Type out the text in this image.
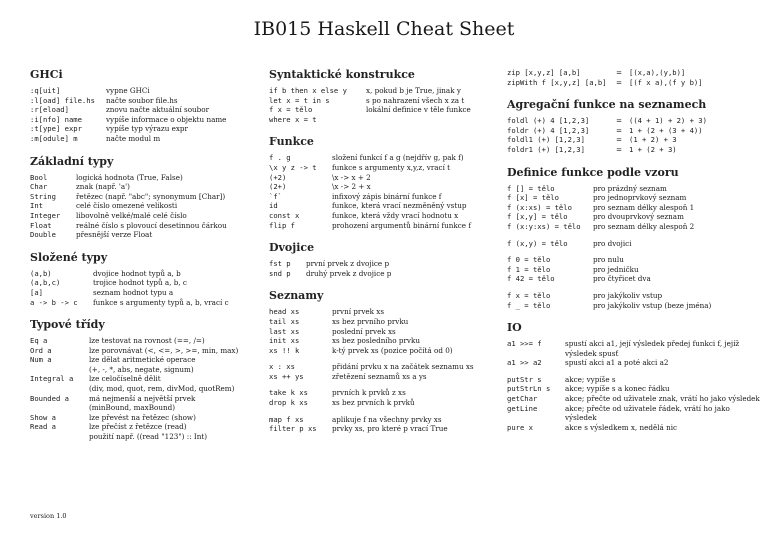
IB015 Haskell Cheat Sheet
GHCi
:q[uit]	vypne GHCi
:l[oad] file.hs	načte soubor file.hs
:r[eload]	znovu načte aktuální soubor
:i[nfo] name	vypíše informace o objektu name
:t[ype] expr	vypíše typ výrazu expr
:m[odule] m	načte modul m
Základní typy
Bool	logická hodnota (True, False)
Char	znak (např. 'a')
String	řetězec (např. "abc"; synonymum [Char])
Int	celé číslo omezené velikosti
Integer	libovolně velké/malé celé číslo
Float	reálné číslo s plovoucí desetinnou čárkou
Double	přesnější verze Float
Složené typy
(a,b)	dvojice hodnot typů a, b
(a,b,c)	trojice hodnot typů a, b, c
[a]	seznam hodnot typu a
a -> b -> c	funkce s argumenty typů a, b, vrací c
Typové třídy
Eq a	lze testovat na rovnost (==, /=)
Ord a	lze porovnávat (<, <=, >, >=, min, max)
Num a	lze dělat aritmetické operace
(+, -, *, abs, negate, signum)
Integral a	lze celočíselně dělit
(div, mod, quot, rem, divMod, quotRem)
Bounded a	má nejmenší a největší prvek
(minBound, maxBound)
Show a	lze převést na řetězec (show)
Read a	lze přečíst z řetězce (read)
použití např. ((read "123") :: Int)
Syntaktické konstrukce
if b then x else y	x, pokud b je True, jinak y
let x = t in s	s po nahrazení všech x za t
f x = tělo	lokální definice v těle funkce
where x = t
Funkce
f . g	složení funkcí f a g (nejdřív g, pak f)
\x y z -> t	funkce s argumenty x,y,z, vrací t
(+2)	\x -> x + 2
(2+)	\x -> 2 + x
`f`	infixový zápis binární funkce f
id	funkce, která vrací nezměněný vstup
const x	funkce, která vždy vrací hodnotu x
flip f	prohození argumentů binární funkce f
Dvojice
fst p	první prvek z dvojice p
snd p	druhý prvek z dvojice p
Seznamy
head xs	první prvek xs
tail xs	xs bez prvního prvku
last xs	poslední prvek xs
init xs	xs bez posledního prvku
xs !! k	k-tý prvek xs (pozice počítá od 0)
x : xs	přidání prvku x na začátek seznamu xs
xs ++ ys	zřetězení seznamů xs a ys
take k xs	prvních k prvků z xs
drop k xs	xs bez prvních k prvků
map f xs	aplikuje f na všechny prvky xs
filter p xs	prvky xs, pro které p vrací True
zip [x,y,z] [a,b]	= [(x,a),(y,b)]
zipWith f [x,y,z] [a,b]	= [(f x a),(f y b)]
Agregační funkce na seznamech
foldl (+) 4 [1,2,3]	= ((4 + 1) + 2) + 3)
foldr (+) 4 [1,2,3]	= 1 + (2 + (3 + 4))
foldl1 (+) [1,2,3]	= (1 + 2) + 3
foldr1 (+) [1,2,3]	= 1 + (2 + 3)
Definice funkce podle vzoru
f [] = tělo	pro prázdný seznam
f [x] = tělo	pro jednoprvkový seznam
f (x:xs) = tělo	pro seznam délky alespoň 1
f [x,y] = tělo	pro dvouprvkový seznam
f (x:y:xs) = tělo	pro seznam délky alespoň 2
f (x,y) = tělo	pro dvojici
f 0 = tělo	pro nulu
f 1 = tělo	pro jedničku
f 42 = tělo	pro čtyřicet dva
f x = tělo	pro jakýkoliv vstup
f _ = tělo	pro jakýkoliv vstup (beze jména)
IO
a1 >>= f	spustí akci a1, její výsledek předej funkci f, jejíž výsledek spusť
a1 >> a2	spustí akci a1 a poté akci a2
putStr s	akce; vypíše s
putStrLn s	akce; vypíše s a konec řádku
getChar	akce; přečte od uživatele znak, vrátí ho jako výsledek
getLine	akce; přečte od uživatele řádek, vrátí ho jako výsledek
pure x	akce s výsledkem x, nedělá nic
version 1.0
